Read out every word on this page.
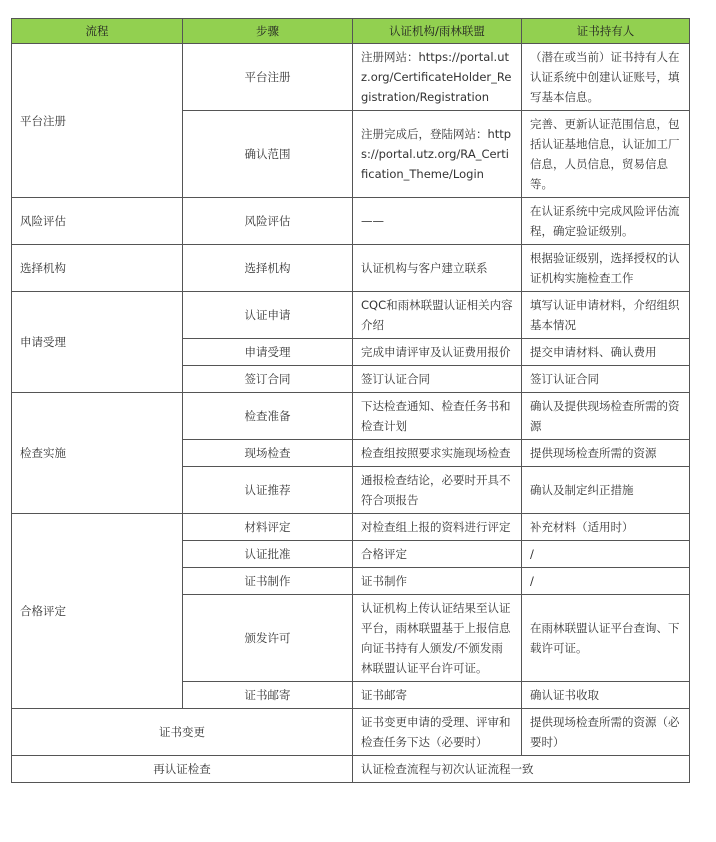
流程	步骤	认证机构/雨林联盟	证书持有人
平台注册	平台注册	注册网站：https://portal.utz.org/CertificateHolder_Registration/Registration	（潜在或当前）证书持有人在认证系统中创建认证账号，填写基本信息。
	确认范围	注册完成后，登陆网站：https://portal.utz.org/RA_Certification_Theme/Login	完善、更新认证范围信息，包括认证基地信息，认证加工厂信息，人员信息，贸易信息等。
风险评估	风险评估	——	在认证系统中完成风险评估流程，确定验证级别。
选择机构	选择机构	认证机构与客户建立联系	根据验证级别，选择授权的认证机构实施检查工作
申请受理	认证申请	CQC和雨林联盟认证相关内容介绍	填写认证申请材料，介绍组织基本情况
	申请受理	完成申请评审及认证费用报价	提交申请材料、确认费用
	签订合同	签订认证合同	签订认证合同
检查实施	检查准备	下达检查通知、检查任务书和检查计划	确认及提供现场检查所需的资源
	现场检查	检查组按照要求实施现场检查	提供现场检查所需的资源
	认证推荐	通报检查结论，必要时开具不符合项报告	确认及制定纠正措施
合格评定	材料评定	对检查组上报的资料进行评定	补充材料（适用时）
	认证批准	合格评定	/
	证书制作	证书制作	/
	颁发许可	认证机构上传认证结果至认证平台，雨林联盟基于上报信息向证书持有人颁发/不颁发雨林联盟认证平台许可证。	在雨林联盟认证平台查询、下载许可证。
	证书邮寄	证书邮寄	确认证书收取
证书变更		证书变更申请的受理、评审和检查任务下达（必要时）	提供现场检查所需的资源（必要时）
再认证检查		认证检查流程与初次认证流程一致	
